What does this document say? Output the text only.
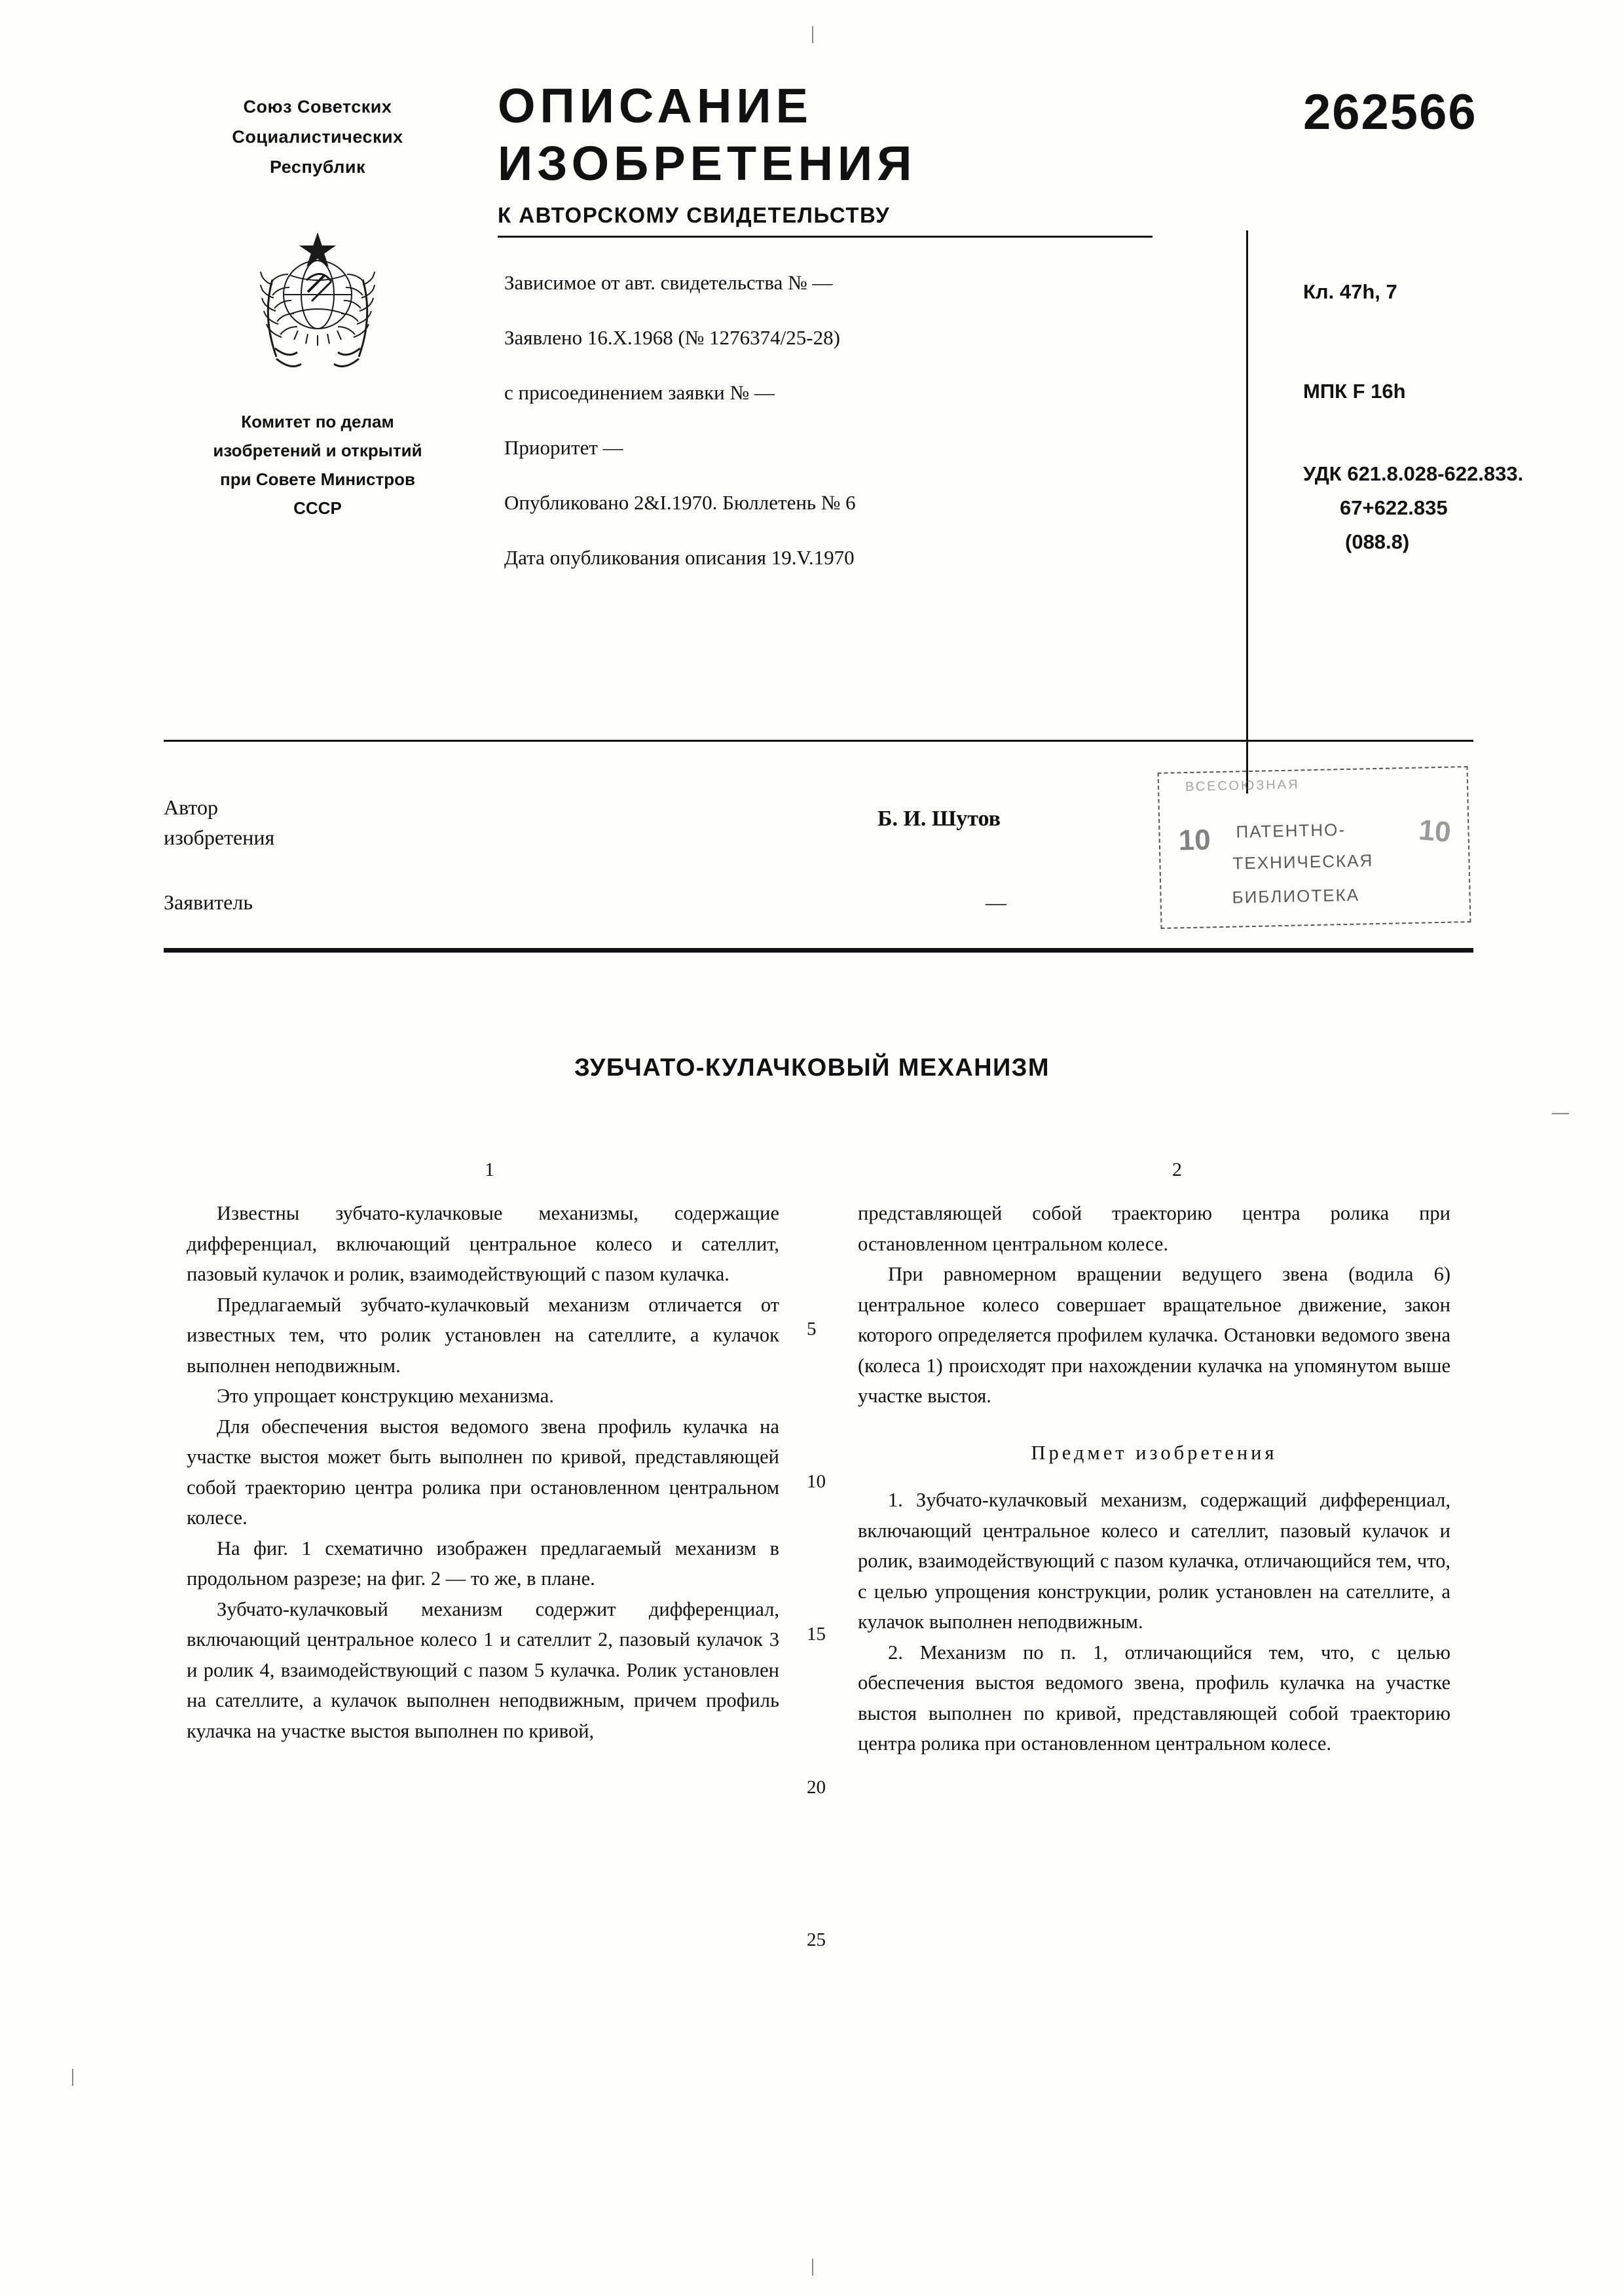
Союз Советских
Социалистических
Республик
Комитет по делам
изобретений и открытий
при Совете Министров
СССР
ОПИСАНИЕ
ИЗОБРЕТЕНИЯ
К АВТОРСКОМУ СВИДЕТЕЛЬСТВУ
262566
Зависимое от авт. свидетельства № —
Заявлено 16.X.1968 (№ 1276374/25-28)
с присоединением заявки № —
Приоритет —
Опубликовано 2&I.1970. Бюллетень № 6
Дата опубликования описания 19.V.1970
Кл. 47h, 7
МПК F 16h
УДК 621.8.028-622.833.
67+622.835
(088.8)
Автор
изобретения
Б. И. Шутов
Заявитель	—
ВСЕСОЮЗНАЯ
10	10
ПАТЕНТНО-
ТЕХНИЧЕСКАЯ
БИБЛИОТЕКА
ЗУБЧАТО-КУЛАЧКОВЫЙ МЕХАНИЗМ
1	2

Известны зубчато-кулачковые механизмы, содержащие дифференциал, включающий центральное колесо и сателлит, пазовый кулачок и ролик, взаимодействующий с пазом кулачка.

Предлагаемый зубчато-кулачковый механизм отличается от известных тем, что ролик установлен на сателлите, а кулачок выполнен неподвижным.

Это упрощает конструкцию механизма.

Для обеспечения выстоя ведомого звена профиль кулачка на участке выстоя может быть выполнен по кривой, представляющей собой траекторию центра ролика при остановленном центральном колесе.

На фиг. 1 схематично изображен предлагаемый механизм в продольном разрезе; на фиг. 2 — то же, в плане.

Зубчато-кулачковый механизм содержит дифференциал, включающий центральное колесо 1 и сателлит 2, пазовый кулачок 3 и ролик 4, взаимодействующий с пазом 5 кулачка. Ролик установлен на сателлите, а кулачок выполнен неподвижным, причем профиль кулачка на участке выстоя выполнен по кривой,

5
10
15
20
25

представляющей собой траекторию центра ролика при остановленном центральном колесе.

При равномерном вращении ведущего звена (водила 6) центральное колесо совершает вращательное движение, закон которого определяется профилем кулачка. Остановки ведомого звена (колеса 1) происходят при нахождении кулачка на упомянутом выше участке выстоя.

Предмет изобретения

1. Зубчато-кулачковый механизм, содержащий дифференциал, включающий центральное колесо и сателлит, пазовый кулачок и ролик, взаимодействующий с пазом кулачка, отличающийся тем, что, с целью упрощения конструкции, ролик установлен на сателлите, а кулачок выполнен неподвижным.

2. Механизм по п. 1, отличающийся тем, что, с целью обеспечения выстоя ведомого звена, профиль кулачка на участке выстоя выполнен по кривой, представляющей собой траекторию центра ролика при остановленном центральном колесе.
